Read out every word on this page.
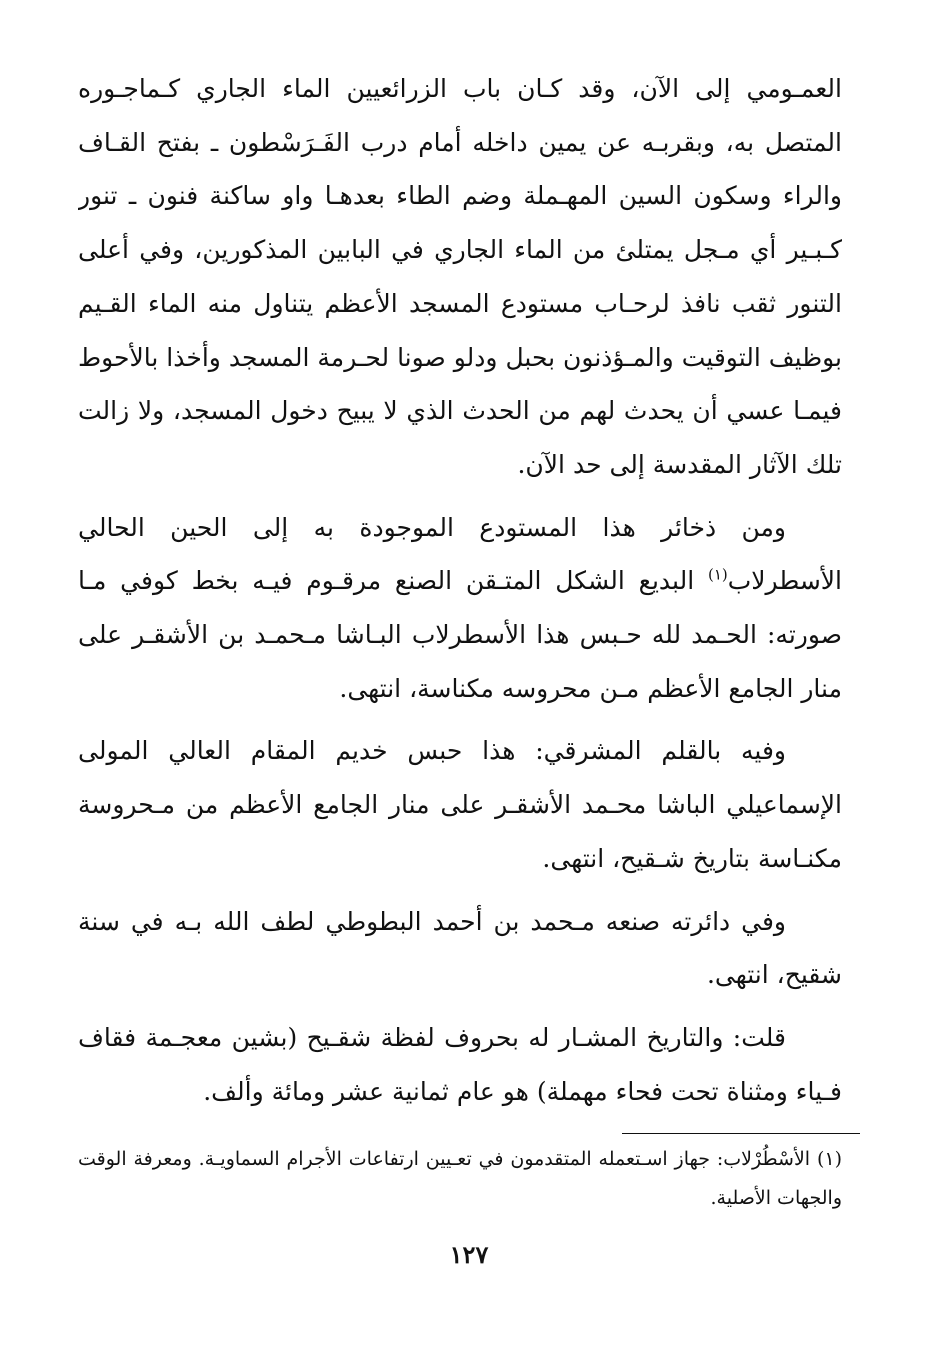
العمـومي إلى الآن، وقد كـان باب الزرائعيين الماء الجاري كـماجـوره المتصل به، وبقربـه عن يمين داخله أمام درب الفَـرَسْطون ـ بفتح القـاف والراء وسكون السين المهـملة وضم الطاء بعدهـا واو ساكنة فنون ـ تنور كـبـير أي مـجل يمتلئ من الماء الجاري في البابين المذكورين، وفي أعلى التنور ثقب نافذ لرحـاب مستودع المسجد الأعظم يتناول منه الماء القـيم بوظيف التوقيت والمـؤذنون بحبل ودلو صونا لحـرمة المسجد وأخذا بالأحوط فيمـا عسي أن يحدث لهم من الحدث الذي لا يبيح دخول المسجد، ولا زالت تلك الآثار المقدسة إلى حد الآن.

ومن ذخائر هذا المستودع الموجودة به إلى الحين الحالي الأسطرلاب$^{(١)}$ البديع الشكل المتـقن الصنع مرقـوم فيـه بخط كوفي مـا صورته: الحـمد لله حـبس هذا الأسطرلاب البـاشا مـحمـد بن الأشقـر على منار الجامع الأعظم مـن محروسه مكناسة، انتهى.

وفيه بالقلم المشرقي: هذا حبس خديم المقام العالي المولى الإسماعيلي الباشا محـمد الأشقـر على منار الجامع الأعظم من مـحروسة مكنـاسة بتاريخ شـقيح، انتهى.

وفي دائرته صنعه مـحمد بن أحمد البطوطي لطف الله بـه في سنة شقيح، انتهى.

قلت: والتاريخ المشـار له بحروف لفظة شقـيح (بشين معجـمة فقاف فـياء ومثناة تحت فحاء مهملة) هو عام ثمانية عشر ومائة وألف.

(١) الأسْطُرْلاب: جهاز اسـتعمله المتقدمون في تعـيين ارتفاعات الأجرام السماويـة. ومعرفة الوقت والجهات الأصلية.

١٢٧
